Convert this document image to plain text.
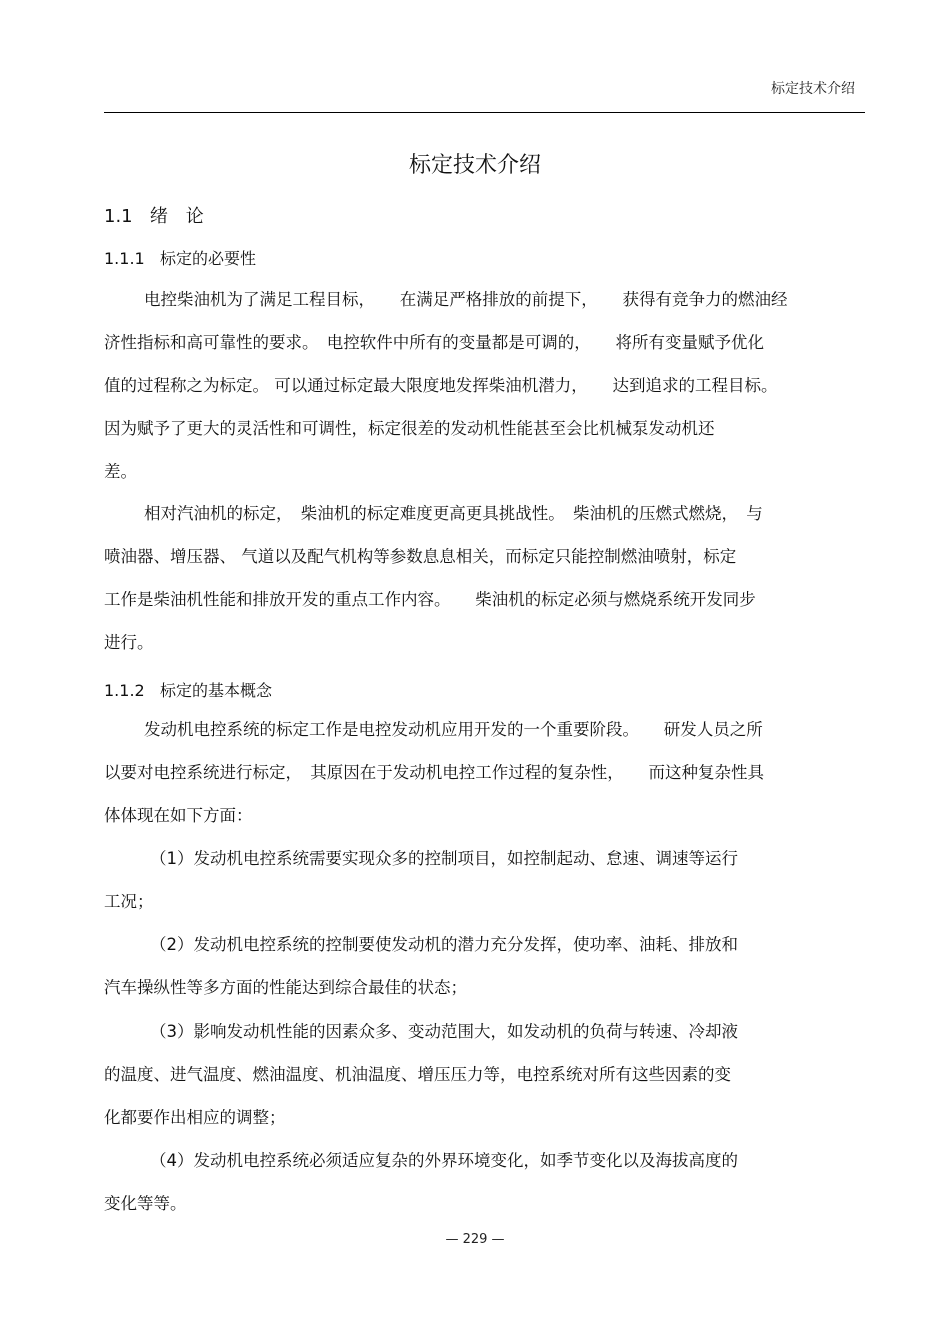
标定技术介绍
标定技术介绍
1.1 绪　论
1.1.1 标定的必要性
电控柴油机为了满足工程目标，　　在满足严格排放的前提下，　　获得有竞争力的燃油经
济性指标和高可靠性的要求。　电控软件中所有的变量都是可调的，　　将所有变量赋予优化
值的过程称之为标定。 可以通过标定最大限度地发挥柴油机潜力，　　达到追求的工程目标。
因为赋予了更大的灵活性和可调性，标定很差的发动机性能甚至会比机械泵发动机还
差。
相对汽油机的标定，　柴油机的标定难度更高更具挑战性。　柴油机的压燃式燃烧，　与
喷油器、增压器、 气道以及配气机构等参数息息相关，而标定只能控制燃油喷射，标定
工作是柴油机性能和排放开发的重点工作内容。　　柴油机的标定必须与燃烧系统开发同步
进行。
1.1.2 标定的基本概念
发动机电控系统的标定工作是电控发动机应用开发的一个重要阶段。　　研发人员之所
以要对电控系统进行标定，　其原因在于发动机电控工作过程的复杂性，　　而这种复杂性具
体体现在如下方面：
（1）发动机电控系统需要实现众多的控制项目，如控制起动、怠速、调速等运行
工况；
（2）发动机电控系统的控制要使发动机的潜力充分发挥，使功率、油耗、排放和
汽车操纵性等多方面的性能达到综合最佳的状态；
（3）影响发动机性能的因素众多、变动范围大，如发动机的负荷与转速、冷却液
的温度、进气温度、燃油温度、机油温度、增压压力等，电控系统对所有这些因素的变
化都要作出相应的调整；
（4）发动机电控系统必须适应复杂的外界环境变化，如季节变化以及海拔高度的
变化等等。
— 229 —
